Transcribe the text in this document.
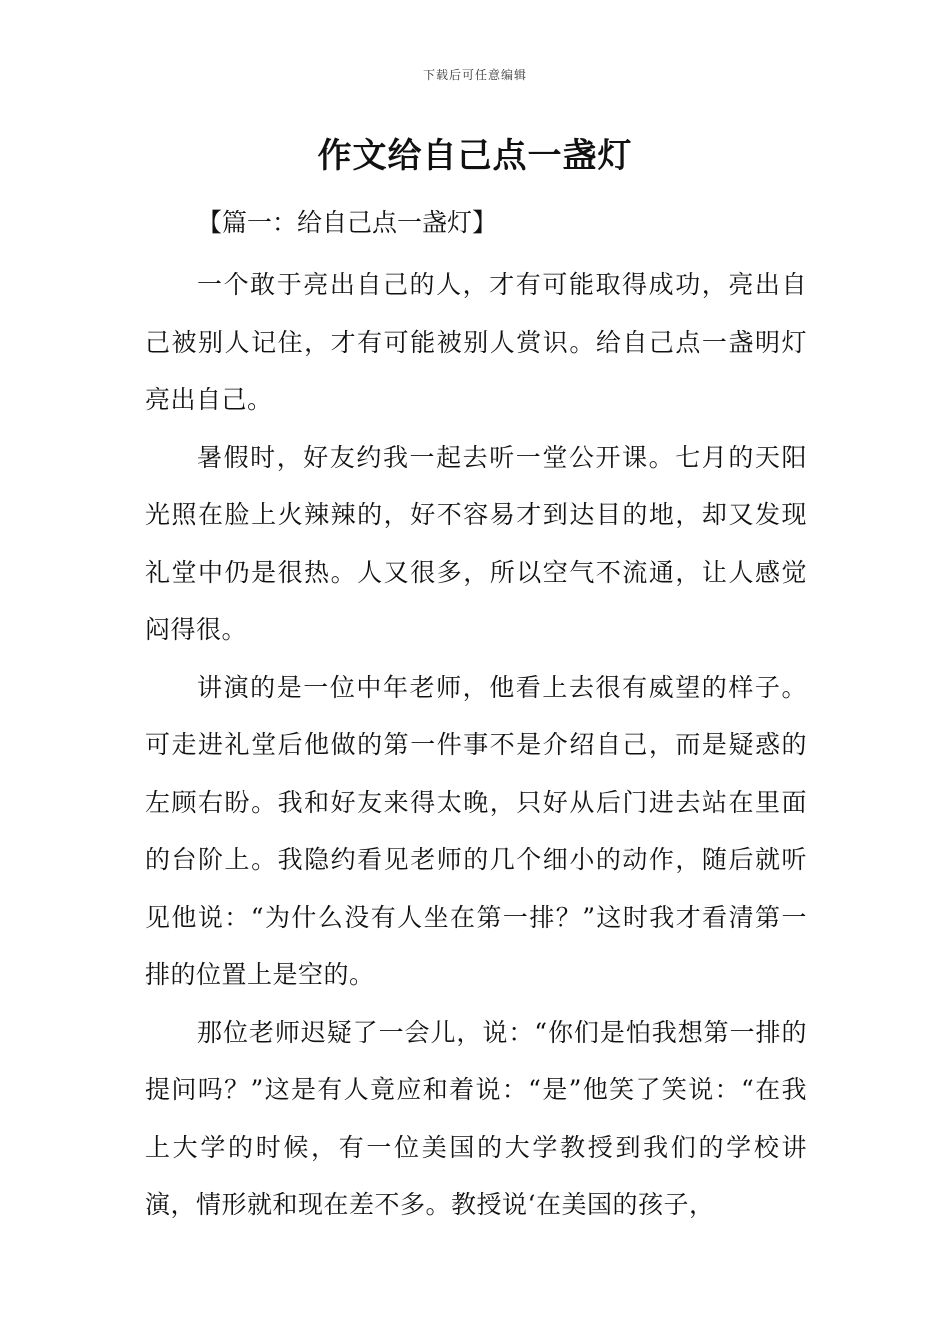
下载后可任意编辑
作文给自己点一盏灯
【篇一：给自己点一盏灯】

一个敢于亮出自己的人，才有可能取得成功，亮出自己被别人记住，才有可能被别人赏识。给自己点一盏明灯亮出自己。

暑假时，好友约我一起去听一堂公开课。七月的天阳光照在脸上火辣辣的，好不容易才到达目的地，却又发现礼堂中仍是很热。人又很多，所以空气不流通，让人感觉闷得很。

讲演的是一位中年老师，他看上去很有威望的样子。可走进礼堂后他做的第一件事不是介绍自己，而是疑惑的左顾右盼。我和好友来得太晚，只好从后门进去站在里面的台阶上。我隐约看见老师的几个细小的动作，随后就听见他说：“为什么没有人坐在第一排？”这时我才看清第一排的位置上是空的。

那位老师迟疑了一会儿，说：“你们是怕我想第一排的提问吗？”这是有人竟应和着说：“是”他笑了笑说：“在我上大学的时候，有一位美国的大学教授到我们的学校讲演，情形就和现在差不多。教授说‘在美国的孩子，
